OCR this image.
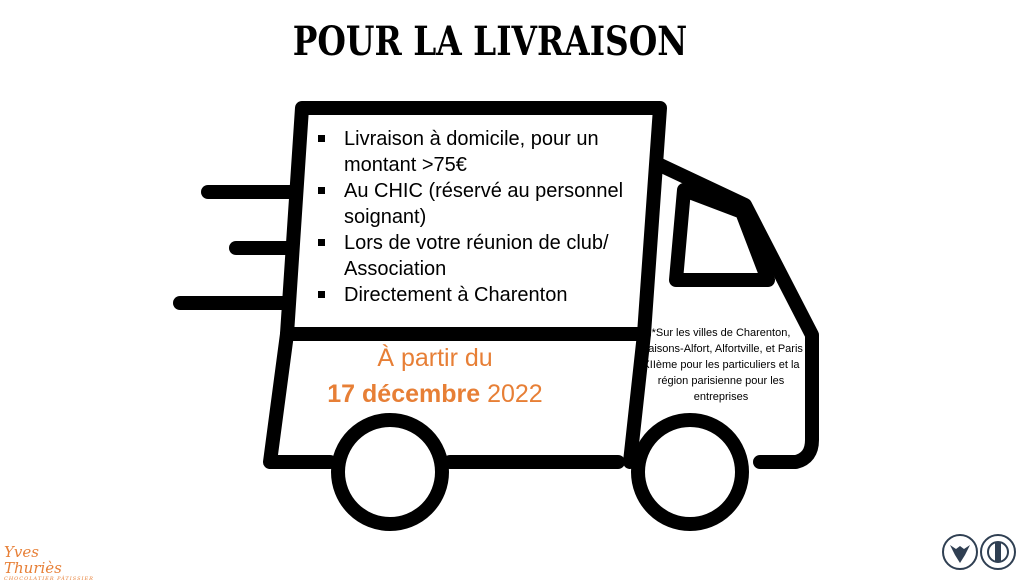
POUR LA LIVRAISON
Livraison à domicile, pour un montant >75€
Au CHIC (réservé au personnel soignant)
Lors de votre réunion de club/ Association
Directement à Charenton
À partir du
17 décembre 2022
*Sur les villes de Charenton, Maisons-Alfort, Alfortville, et Paris XIIème pour les particuliers et la région parisienne pour les entreprises
Yves Thuriès
CHOCOLATIER PÂTISSIER
